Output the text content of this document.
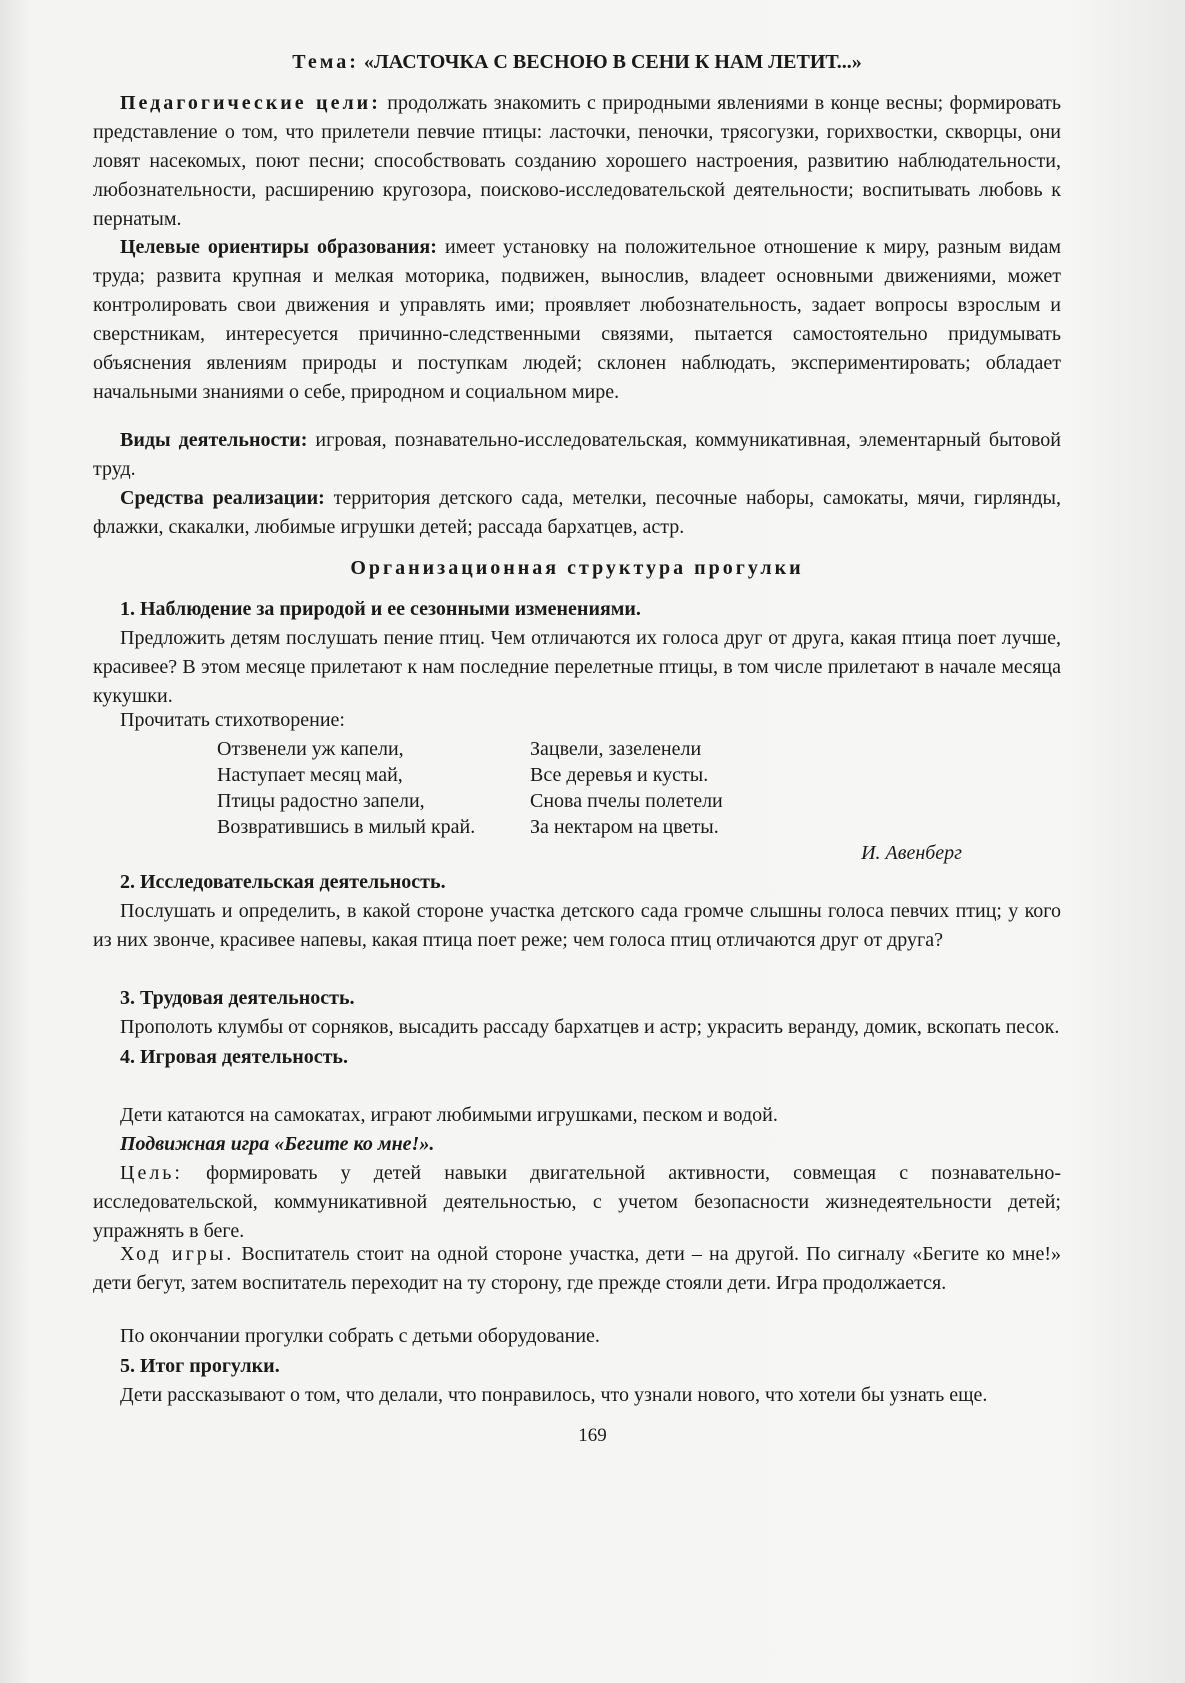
Тема: «ЛАСТОЧКА С ВЕСНОЮ В СЕНИ К НАМ ЛЕТИТ...»
Педагогические цели: продолжать знакомить с природными явлениями в конце весны; формировать представление о том, что прилетели певчие птицы: ласточки, пеночки, трясогузки, горихвостки, скворцы, они ловят насекомых, поют песни; способствовать созданию хорошего настроения, развитию наблюдательности, любознательности, расширению кругозора, поисково-исследовательской деятельности; воспитывать любовь к пернатым.
Целевые ориентиры образования: имеет установку на положительное отношение к миру, разным видам труда; развита крупная и мелкая моторика, подвижен, вынослив, владеет основными движениями, может контролировать свои движения и управлять ими; проявляет любознательность, задает вопросы взрослым и сверстникам, интересуется причинно-следственными связями, пытается самостоятельно придумывать объяснения явлениям природы и поступкам людей; склонен наблюдать, экспериментировать; обладает начальными знаниями о себе, природном и социальном мире.
Виды деятельности: игровая, познавательно-исследовательская, коммуникативная, элементарный бытовой труд.
Средства реализации: территория детского сада, метелки, песочные наборы, самокаты, мячи, гирлянды, флажки, скакалки, любимые игрушки детей; рассада бархатцев, астр.
Организационная структура прогулки
1. Наблюдение за природой и ее сезонными изменениями.
Предложить детям послушать пение птиц. Чем отличаются их голоса друг от друга, какая птица поет лучше, красивее? В этом месяце прилетают к нам последние перелетные птицы, в том числе прилетают в начале месяца кукушки.
Прочитать стихотворение:
Отзвенели уж капели,
Наступает месяц май,
Птицы радостно запели,
Возвратившись в милый край.
Зацвели, зазеленели
Все деревья и кусты.
Снова пчелы полетели
За нектаром на цветы.
И. Авенберг
2. Исследовательская деятельность.
Послушать и определить, в какой стороне участка детского сада громче слышны голоса певчих птиц; у кого из них звонче, красивее напевы, какая птица поет реже; чем голоса птиц отличаются друг от друга?
3. Трудовая деятельность.
Прополоть клумбы от сорняков, высадить рассаду бархатцев и астр; украсить веранду, домик, вскопать песок.
4. Игровая деятельность.
Дети катаются на самокатах, играют любимыми игрушками, песком и водой.
Подвижная игра «Бегите ко мне!».
Цель: формировать у детей навыки двигательной активности, совмещая с познавательно-исследовательской, коммуникативной деятельностью, с учетом безопасности жизнедеятельности детей; упражнять в беге.
Ход игры. Воспитатель стоит на одной стороне участка, дети – на другой. По сигналу «Бегите ко мне!» дети бегут, затем воспитатель переходит на ту сторону, где прежде стояли дети. Игра продолжается.
По окончании прогулки собрать с детьми оборудование.
5. Итог прогулки.
Дети рассказывают о том, что делали, что понравилось, что узнали нового, что хотели бы узнать еще.
169
